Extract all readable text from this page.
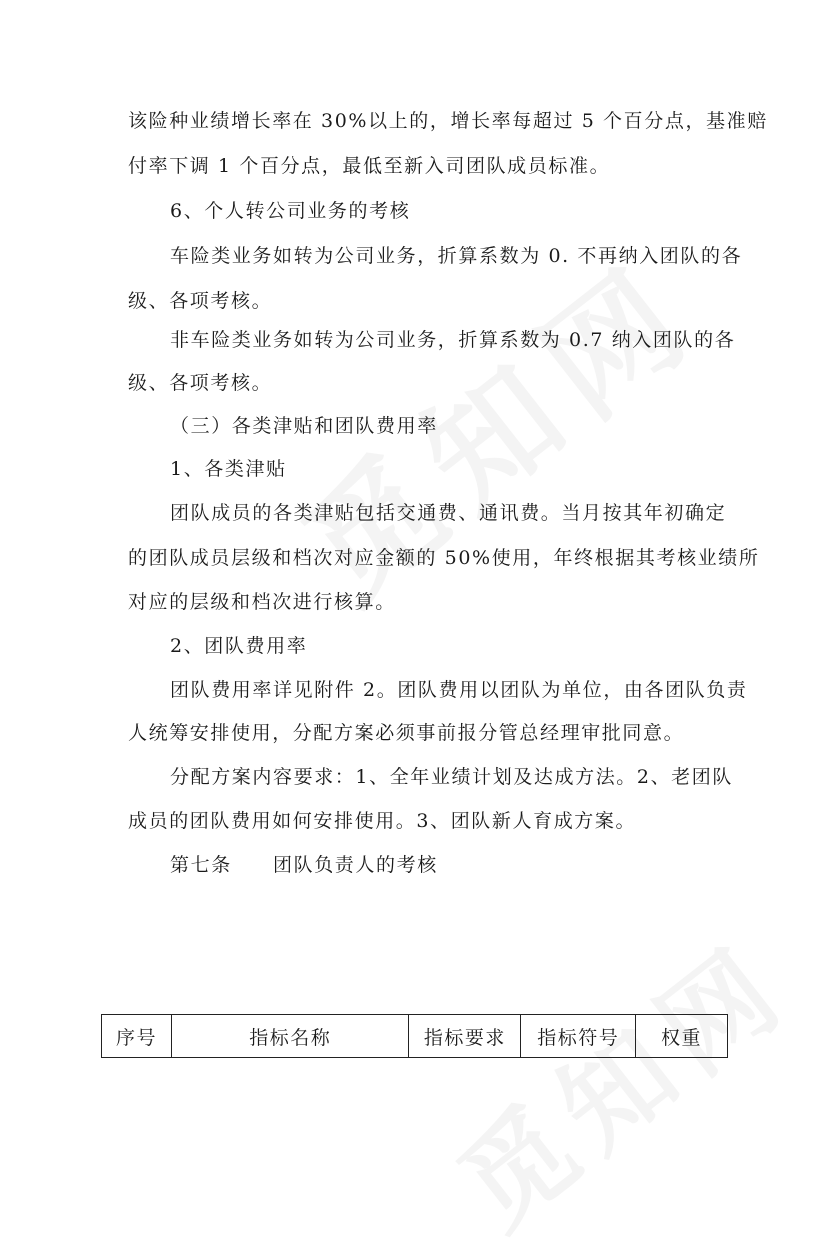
该险种业绩增长率在 30%以上的，增长率每超过 5 个百分点，基准赔
付率下调 1 个百分点，最低至新入司团队成员标准。
6、个人转公司业务的考核
车险类业务如转为公司业务，折算系数为 0. 不再纳入团队的各
级、各项考核。
非车险类业务如转为公司业务，折算系数为 0.7 纳入团队的各
级、各项考核。
（三）各类津贴和团队费用率
1、各类津贴
团队成员的各类津贴包括交通费、通讯费。当月按其年初确定
的团队成员层级和档次对应金额的 50%使用，年终根据其考核业绩所
对应的层级和档次进行核算。
2、团队费用率
团队费用率详见附件 2。团队费用以团队为单位，由各团队负责
人统筹安排使用，分配方案必须事前报分管总经理审批同意。
分配方案内容要求：1、全年业绩计划及达成方法。2、老团队
成员的团队费用如何安排使用。3、团队新人育成方案。
第七条　　团队负责人的考核
序号	指标名称	指标要求	指标符号	权重
